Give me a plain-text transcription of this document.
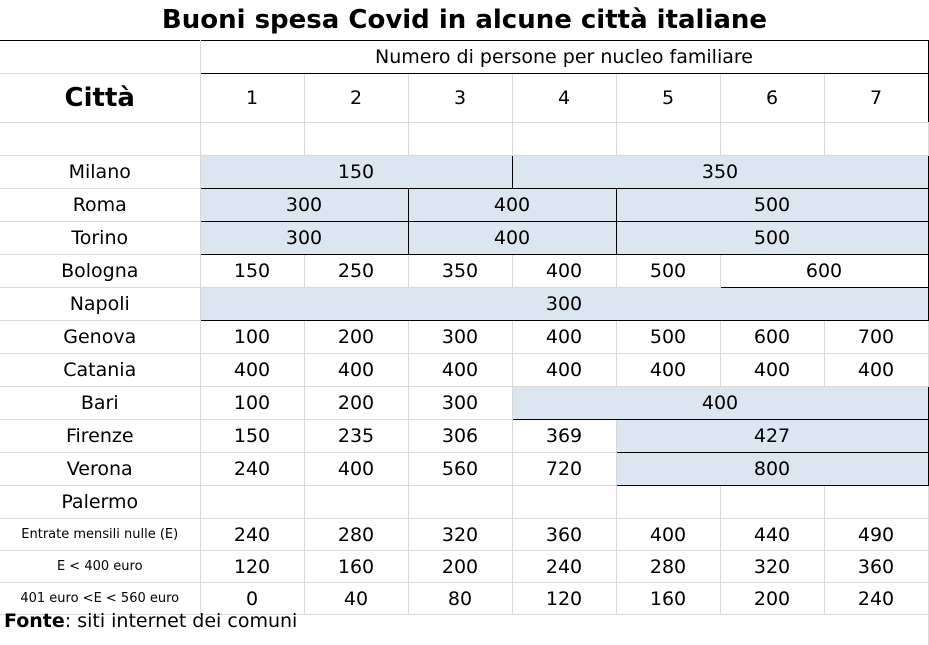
Buoni spesa Covid in alcune città italiane
	Numero di persone per nucleo familiare						
Città	1	2	3	4	5	6	7

Milano	150			350			
Roma	300		400		500		
Torino	300		400		500		
Bologna	150	250	350	400	500	600	
Napoli	300						
Genova	100	200	300	400	500	600	700
Catania	400	400	400	400	400	400	400
Bari	100	200	300	400			
Firenze	150	235	306	369	427		
Verona	240	400	560	720	800		
Palermo							
Entrate mensili nulle (E)	240	280	320	360	400	440	490
E < 400 euro	120	160	200	240	280	320	360
401 euro <E < 560 euro	0	40	80	120	160	200	240

Fonte: siti internet dei comuni
